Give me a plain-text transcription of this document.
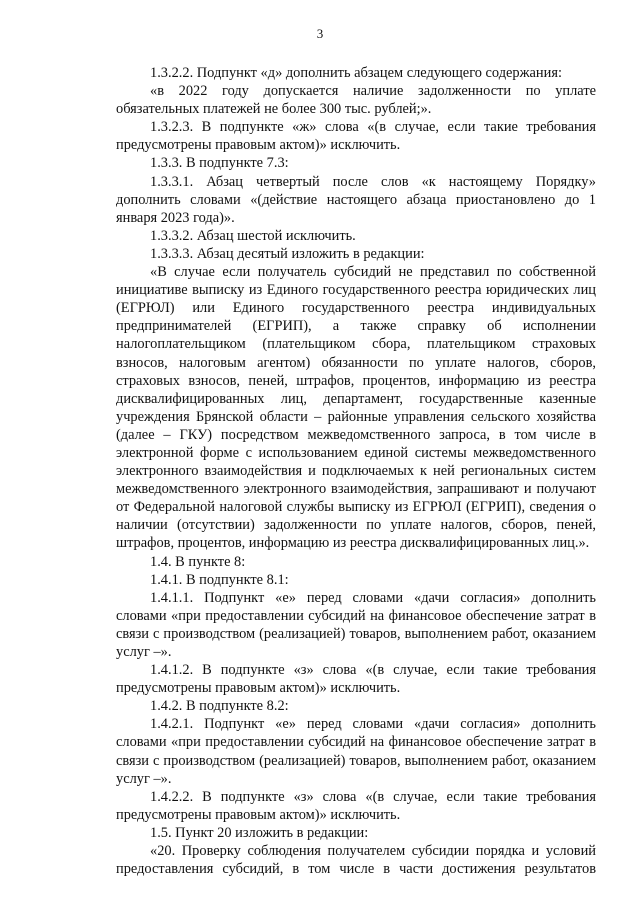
3

1.3.2.2. Подпункт «д» дополнить абзацем следующего содержания:

«в 2022 году допускается наличие задолженности по уплате обязательных платежей не более 300 тыс. рублей;».

1.3.2.3. В подпункте «ж» слова «(в случае, если такие требования предусмотрены правовым актом)» исключить.

1.3.3. В подпункте 7.3:

1.3.3.1. Абзац четвертый после слов «к настоящему Порядку» дополнить словами «(действие настоящего абзаца приостановлено до 1 января 2023 года)».

1.3.3.2. Абзац шестой исключить.

1.3.3.3. Абзац десятый изложить в редакции:

«В случае если получатель субсидий не представил по собственной инициативе выписку из Единого государственного реестра юридических лиц (ЕГРЮЛ) или Единого государственного реестра индивидуальных предпринимателей (ЕГРИП), а также справку об исполнении налогоплательщиком (плательщиком сбора, плательщиком страховых взносов, налоговым агентом) обязанности по уплате налогов, сборов, страховых взносов, пеней, штрафов, процентов, информацию из реестра дисквалифицированных лиц, департамент, государственные казенные учреждения Брянской области – районные управления сельского хозяйства (далее – ГКУ) посредством межведомственного запроса, в том числе в электронной форме с использованием единой системы межведомственного электронного взаимодействия и подключаемых к ней региональных систем межведомственного электронного взаимодействия, запрашивают и получают от Федеральной налоговой службы выписку из ЕГРЮЛ (ЕГРИП), сведения о наличии (отсутствии) задолженности по уплате налогов, сборов, пеней, штрафов, процентов, информацию из реестра дисквалифицированных лиц.».

1.4. В пункте 8:

1.4.1. В подпункте 8.1:

1.4.1.1. Подпункт «е» перед словами «дачи согласия» дополнить словами «при предоставлении субсидий на финансовое обеспечение затрат в связи с производством (реализацией) товаров, выполнением работ, оказанием услуг –».

1.4.1.2. В подпункте «з» слова «(в случае, если такие требования предусмотрены правовым актом)» исключить.

1.4.2. В подпункте 8.2:

1.4.2.1. Подпункт «е» перед словами «дачи согласия» дополнить словами «при предоставлении субсидий на финансовое обеспечение затрат в связи с производством (реализацией) товаров, выполнением работ, оказанием услуг –».

1.4.2.2. В подпункте «з» слова «(в случае, если такие требования предусмотрены правовым актом)» исключить.

1.5. Пункт 20 изложить в редакции:

«20. Проверку соблюдения получателем субсидии порядка и условий предоставления субсидий, в том числе в части достижения результатов
